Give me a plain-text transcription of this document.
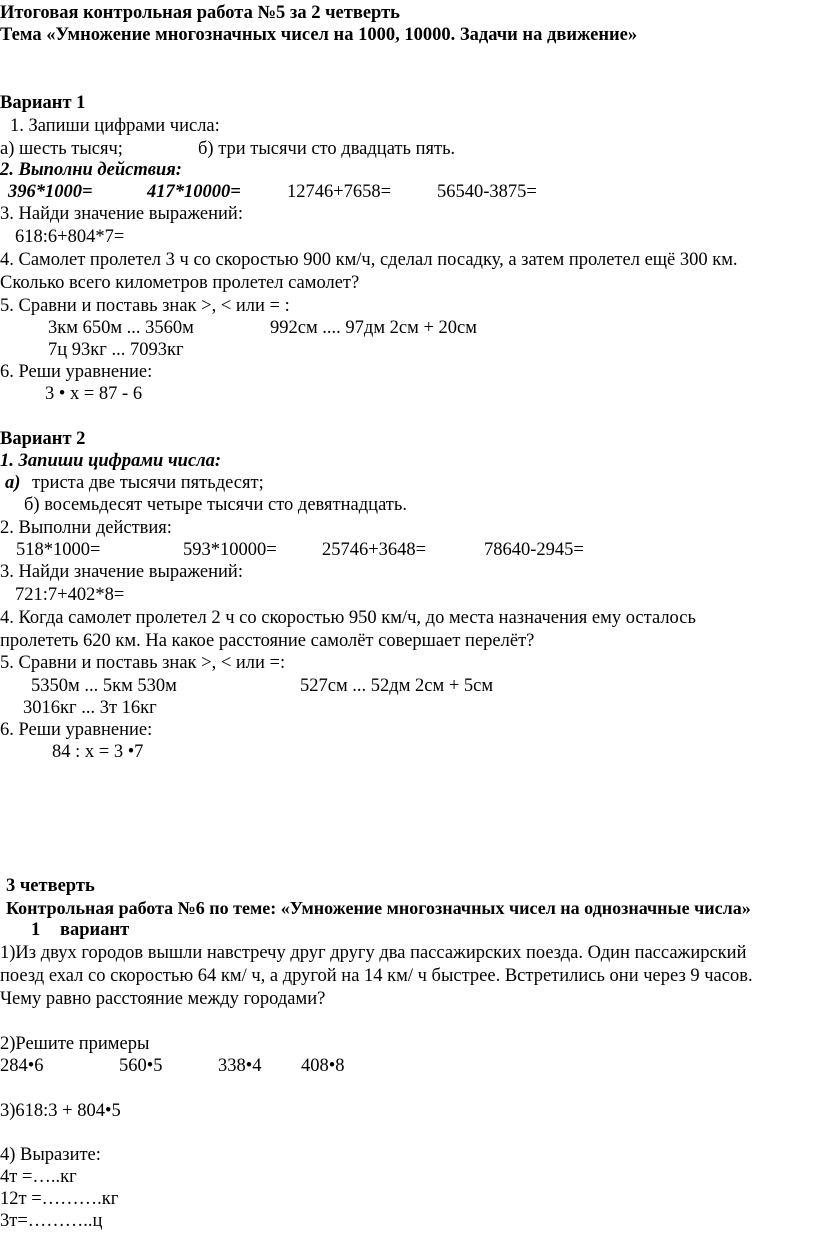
Итоговая контрольная работа №5 за 2 четверть
Тема «Умножение многозначных чисел на 1000, 10000. Задачи на движение»
Вариант 1
1. Запиши цифрами числа:
а) шесть тысяч;	б) три тысячи сто двадцать пять.
2. Выполни действия:
396*1000=	417*10000= 12746+7658= 56540-3875=
3. Найди значение выражений:
618:6+804*7=
4. Самолет пролетел 3 ч со скоростью 900 км/ч, сделал посадку, а затем пролетел ещё 300 км.
Сколько всего километров пролетел самолет?
5. Сравни и поставь знак >, < или = :
3км 650м ... 3560м	992см .... 97дм 2см + 20см
7ц 93кг ... 7093кг
6. Реши уравнение:
3 • х = 87 - 6
Вариант 2
1. Запиши цифрами числа:
а) триста две тысячи пятьдесят;
б) восемьдесят четыре тысячи сто девятнадцать.
2. Выполни действия:
518*1000=	593*10000= 25746+3648=	78640-2945=
3. Найди значение выражений:
721:7+402*8=
4. Когда самолет пролетел 2 ч со скоростью 950 км/ч, до места назначения ему осталось
пролететь 620 км. На какое расстояние самолёт совершает перелёт?
5. Сравни и поставь знак >, < или =:
5350м ... 5км 530м	527см ... 52дм 2см + 5см
3016кг ... 3т 16кг
6. Реши уравнение:
84 : х = 3 •7
3 четверть
Контрольная работа №6 по теме: «Умножение многозначных чисел на однозначные числа»
1 вариант
1)Из двух городов вышли навстречу друг другу два пассажирских поезда. Один пассажирский
поезд ехал со скоростью 64 км/ ч, а другой на 14 км/ ч быстрее. Встретились они через 9 часов.
Чему равно расстояние между городами?
2)Решите примеры
284•6	560•5	338•4 408•8
3)618:3 + 804•5
4) Выразите:
4т =…..кг
12т =……….кг
3т=………..ц
